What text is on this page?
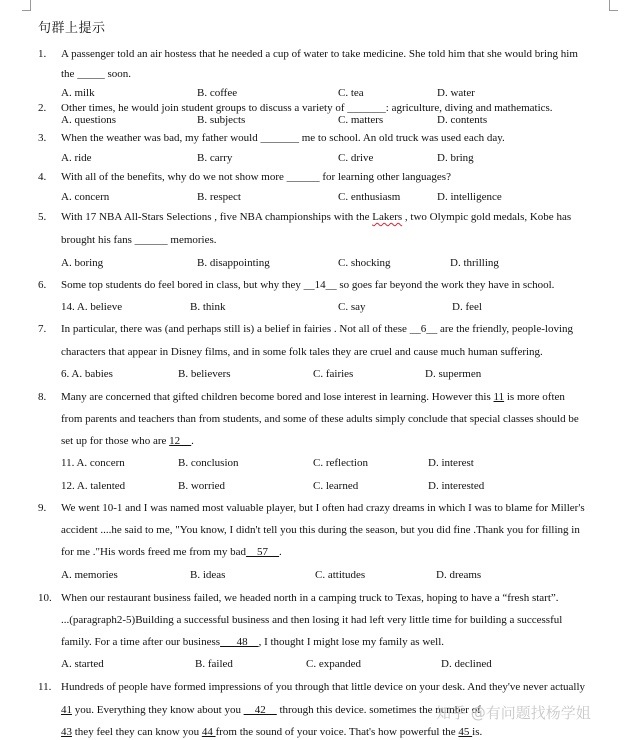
句群上提示
1. A passenger told an air hostess that he needed a cup of water to take medicine. She told him that she would bring him
the _____ soon.
A. milk	B. coffee	C. tea	D. water
2. Other times, he would join student groups to discuss a variety of _______: agriculture, diving and mathematics.
A. questions	B. subjects	C. matters	D. contents
3. When the weather was bad, my father would _______ me to school. An old truck was used each day.
A. ride	B. carry	C. drive	D. bring
4. With all of the benefits, why do we not show more ______ for learning other languages?
A. concern	B. respect	C. enthusiasm	D. intelligence
5. With 17 NBA All-Stars Selections , five NBA championships with the Lakers , two Olympic gold medals, Kobe has
brought his fans ______ memories.
A. boring	B. disappointing	C. shocking	D. thrilling
6. Some top students do feel bored in class, but why they __14__ so goes far beyond the work they have in school.
14. A. believe	B. think	C. say	D. feel
7. In particular, there was (and perhaps still is) a belief in fairies . Not all of these __6__ are the friendly, people-loving
characters that appear in Disney films, and in some folk tales they are cruel and cause much human suffering.
6. A. babies	B. believers	C. fairies	D. supermen
8. Many are concerned that gifted children become bored and lose interest in learning. However this 11 is more often
from parents and teachers than from students, and some of these adults simply conclude that special classes should be
set up for those who are 12__.
11. A. concern	B. conclusion	C. reflection	D. interest
12. A. talented	B. worried	C. learned	D. interested
9. We went 10-1 and I was named most valuable player, but I often had crazy dreams in which I was to blame for Miller's
accident ....he said to me, "You know, I didn't tell you this during the season, but you did fine .Thank you for filling in
for me ."His words freed me from my bad__57__.
A. memories	B. ideas	C. attitudes	D. dreams
10. When our restaurant business failed, we headed north in a camping truck to Texas, hoping to have a “fresh start”.
...(paragraph2-5)Building a successful business and then losing it had left very little time for building a successful
family. For a time after our business___48__, I thought I might lose my family as well.
A. started	B. failed	C. expanded	D. declined
11. Hundreds of people have formed impressions of you through that little device on your desk. And they've never actually
41 you. Everything they know about you __42__ through this device. sometimes the number of
43 they feel they can know you 44 from the sound of your voice. That's how powerful the 45 is.
知乎 @有问题找杨学姐
